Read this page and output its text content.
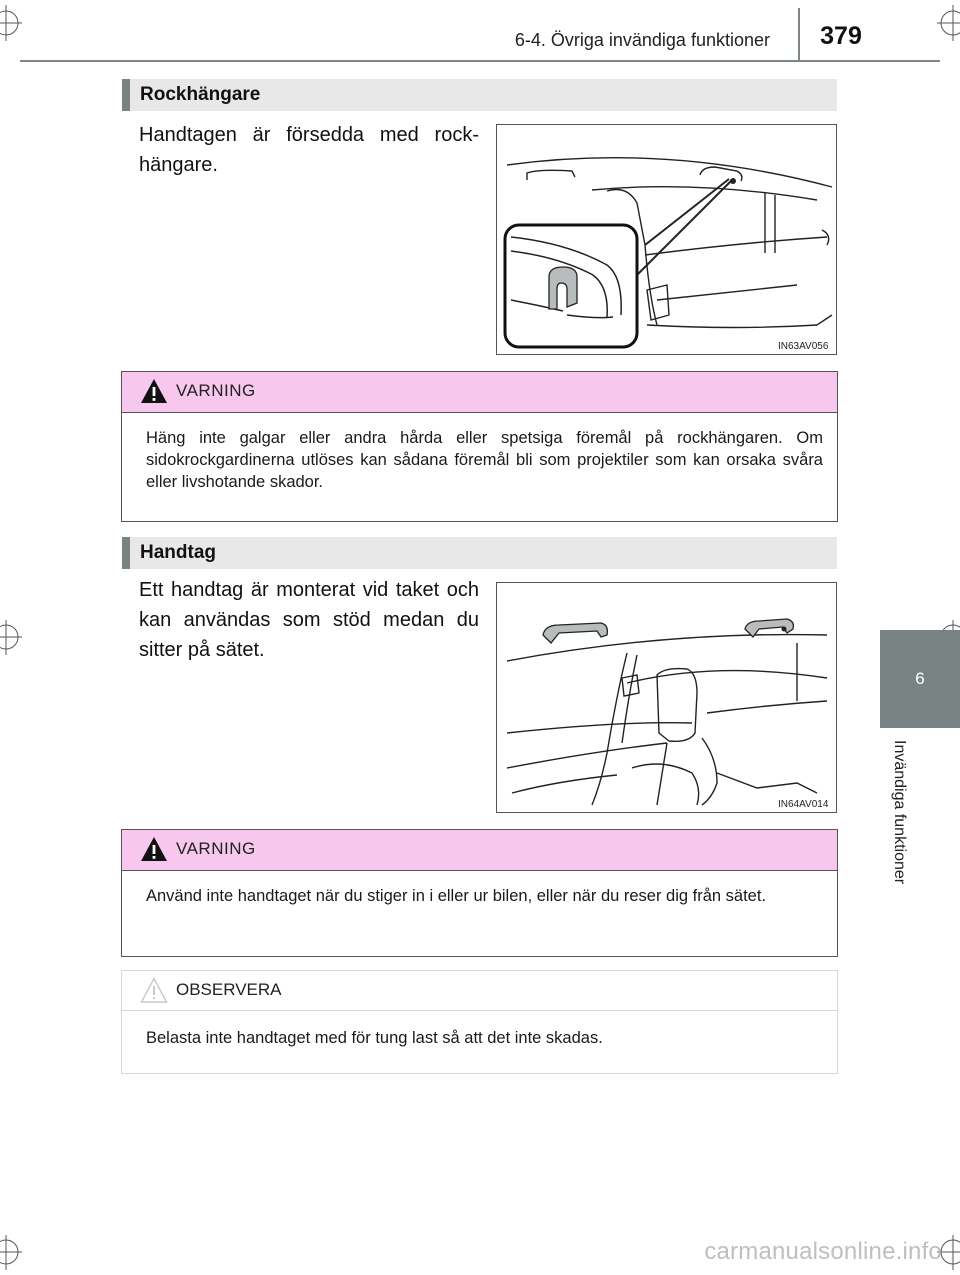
6-4. Övriga invändiga funktioner	379
6
Invändiga funktioner
Rockhängare
Handtagen är försedda med rock-hängare.
IN63AV056
VARNING
Häng inte galgar eller andra hårda eller spetsiga föremål på rockhängaren. Om sidokrockgardinerna utlöses kan sådana föremål bli som projektiler som kan orsaka svåra eller livshotande skador.
Handtag
Ett handtag är monterat vid taket och kan användas som stöd medan du sitter på sätet.
IN64AV014
VARNING
Använd inte handtaget när du stiger in i eller ur bilen, eller när du reser dig från sätet.
OBSERVERA
Belasta inte handtaget med för tung last så att det inte skadas.
carmanualsonline.info
